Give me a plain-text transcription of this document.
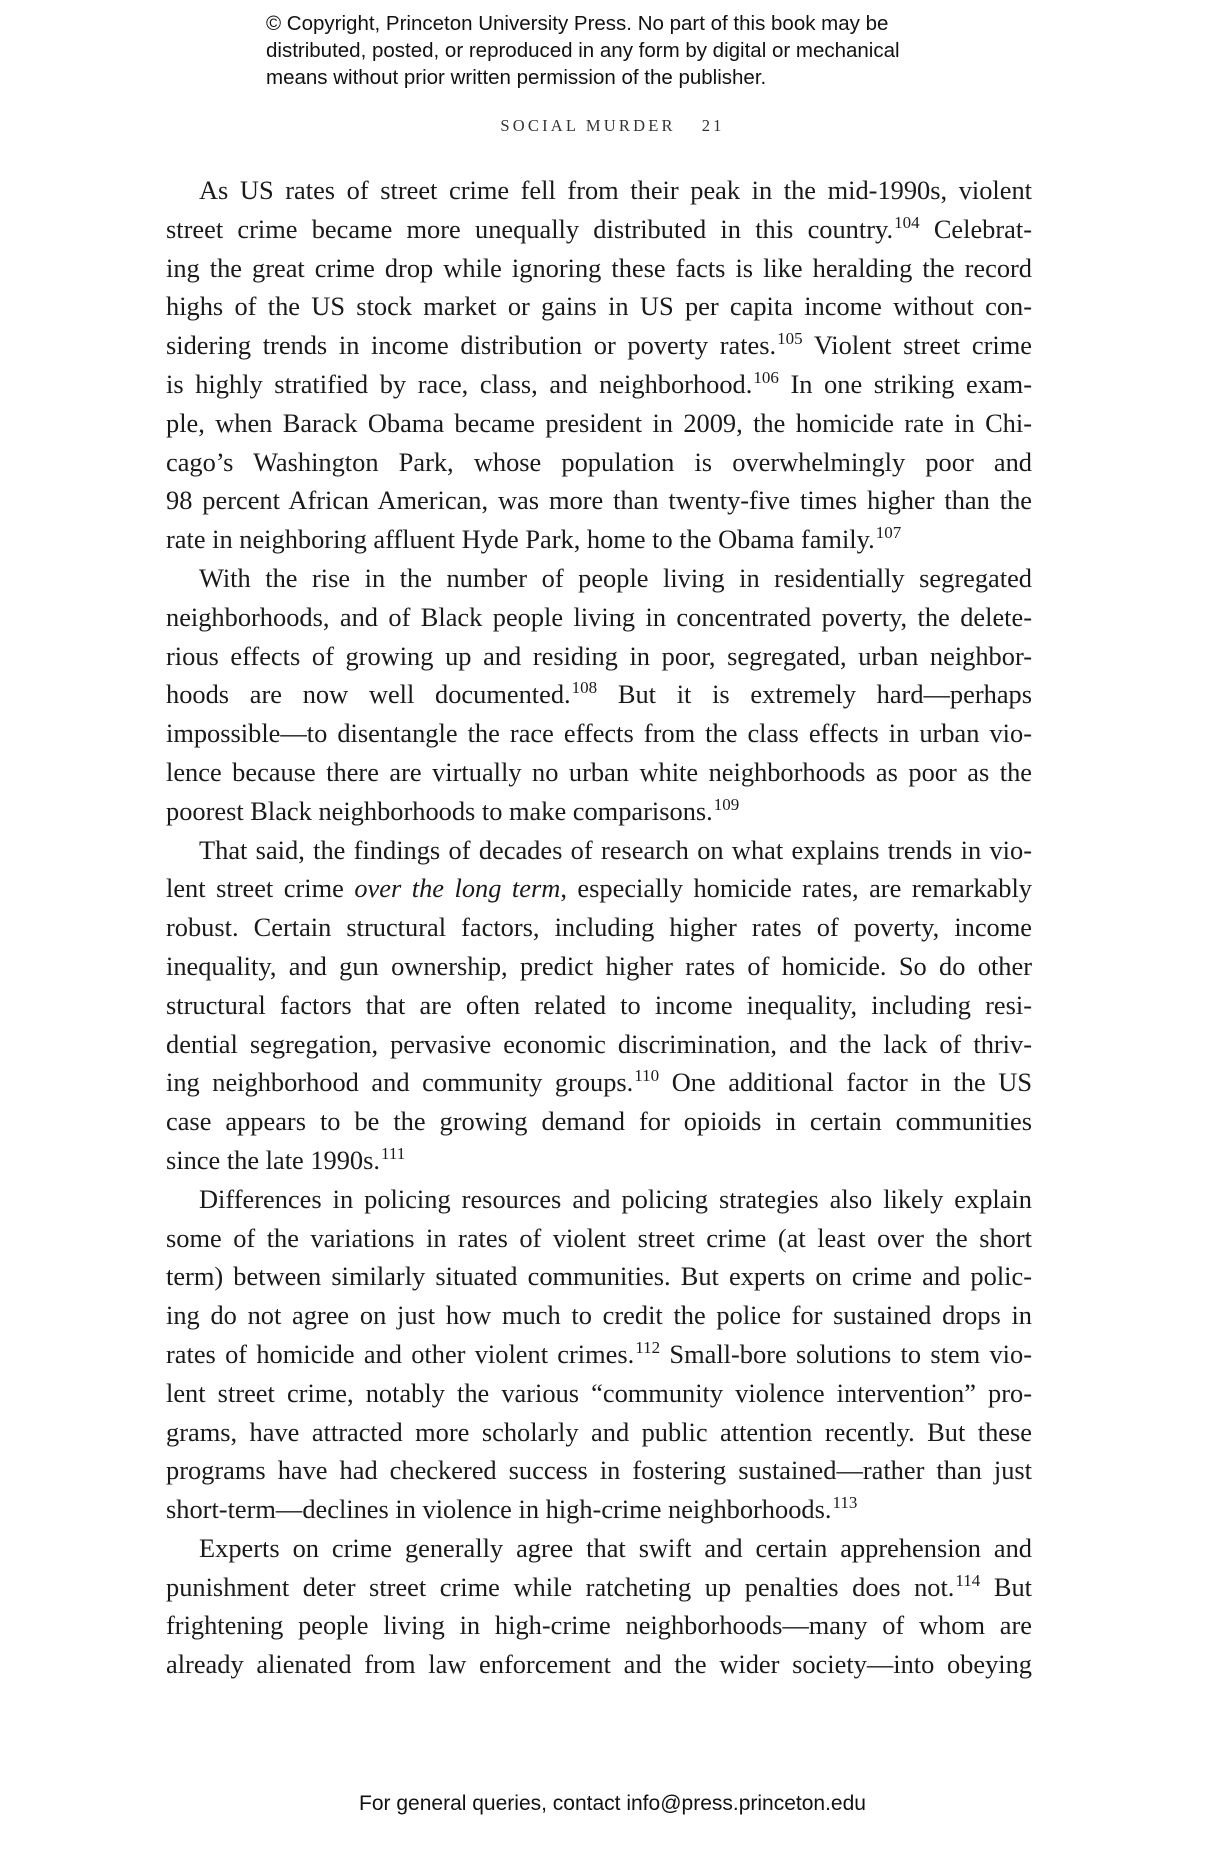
© Copyright, Princeton University Press. No part of this book may be
distributed, posted, or reproduced in any form by digital or mechanical
means without prior written permission of the publisher.
SOCIAL MURDER 21
As US rates of street crime fell from their peak in the mid-1990s, violent
street crime became more unequally distributed in this country.$^{104}$ Celebrat-
ing the great crime drop while ignoring these facts is like heralding the record
highs of the US stock market or gains in US per capita income without con-
sidering trends in income distribution or poverty rates.$^{105}$ Violent street crime
is highly stratified by race, class, and neighborhood.$^{106}$ In one striking exam-
ple, when Barack Obama became president in 2009, the homicide rate in Chi-
cago’s Washington Park, whose population is overwhelmingly poor and
98 percent African American, was more than twenty-five times higher than the
rate in neighboring affluent Hyde Park, home to the Obama family.$^{107}$
With the rise in the number of people living in residentially segregated
neighborhoods, and of Black people living in concentrated poverty, the delete-
rious effects of growing up and residing in poor, segregated, urban neighbor-
hoods are now well documented.$^{108}$ But it is extremely hard—perhaps
impossible—to disentangle the race effects from the class effects in urban vio-
lence because there are virtually no urban white neighborhoods as poor as the
poorest Black neighborhoods to make comparisons.$^{109}$
That said, the findings of decades of research on what explains trends in vio-
lent street crime over the long term, especially homicide rates, are remarkably
robust. Certain structural factors, including higher rates of poverty, income
inequality, and gun ownership, predict higher rates of homicide. So do other
structural factors that are often related to income inequality, including resi-
dential segregation, pervasive economic discrimination, and the lack of thriv-
ing neighborhood and community groups.$^{110}$ One additional factor in the US
case appears to be the growing demand for opioids in certain communities
since the late 1990s.$^{111}$
Differences in policing resources and policing strategies also likely explain
some of the variations in rates of violent street crime (at least over the short
term) between similarly situated communities. But experts on crime and polic-
ing do not agree on just how much to credit the police for sustained drops in
rates of homicide and other violent crimes.$^{112}$ Small-bore solutions to stem vio-
lent street crime, notably the various “community violence intervention” pro-
grams, have attracted more scholarly and public attention recently. But these
programs have had checkered success in fostering sustained—rather than just
short-term—declines in violence in high-crime neighborhoods.$^{113}$
Experts on crime generally agree that swift and certain apprehension and
punishment deter street crime while ratcheting up penalties does not.$^{114}$ But
frightening people living in high-crime neighborhoods—many of whom are
already alienated from law enforcement and the wider society—into obeying
For general queries, contact info@press.princeton.edu
